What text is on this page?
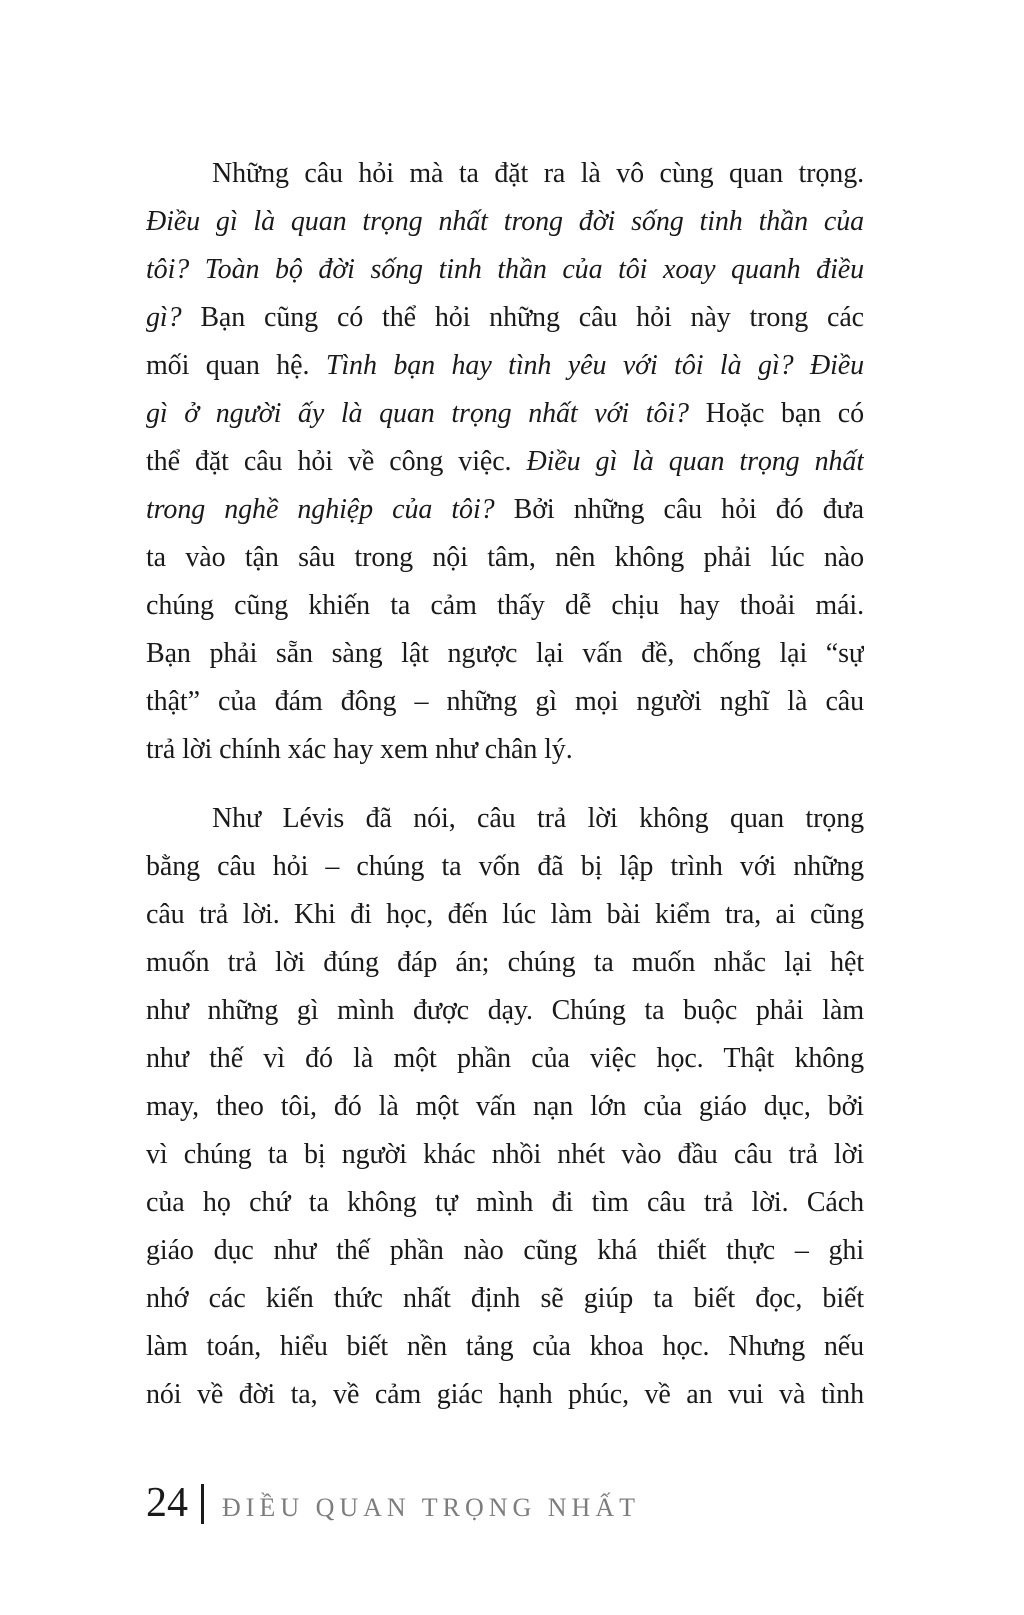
Những câu hỏi mà ta đặt ra là vô cùng quan trọng.
Điều gì là quan trọng nhất trong đời sống tinh thần của
tôi? Toàn bộ đời sống tinh thần của tôi xoay quanh điều
gì? Bạn cũng có thể hỏi những câu hỏi này trong các
mối quan hệ. Tình bạn hay tình yêu với tôi là gì? Điều
gì ở người ấy là quan trọng nhất với tôi? Hoặc bạn có
thể đặt câu hỏi về công việc. Điều gì là quan trọng nhất
trong nghề nghiệp của tôi? Bởi những câu hỏi đó đưa
ta vào tận sâu trong nội tâm, nên không phải lúc nào
chúng cũng khiến ta cảm thấy dễ chịu hay thoải mái.
Bạn phải sẵn sàng lật ngược lại vấn đề, chống lại “sự
thật” của đám đông – những gì mọi người nghĩ là câu
trả lời chính xác hay xem như chân lý.
Như Lévis đã nói, câu trả lời không quan trọng
bằng câu hỏi – chúng ta vốn đã bị lập trình với những
câu trả lời. Khi đi học, đến lúc làm bài kiểm tra, ai cũng
muốn trả lời đúng đáp án; chúng ta muốn nhắc lại hệt
như những gì mình được dạy. Chúng ta buộc phải làm
như thế vì đó là một phần của việc học. Thật không
may, theo tôi, đó là một vấn nạn lớn của giáo dục, bởi
vì chúng ta bị người khác nhồi nhét vào đầu câu trả lời
của họ chứ ta không tự mình đi tìm câu trả lời. Cách
giáo dục như thế phần nào cũng khá thiết thực – ghi
nhớ các kiến thức nhất định sẽ giúp ta biết đọc, biết
làm toán, hiểu biết nền tảng của khoa học. Nhưng nếu
nói về đời ta, về cảm giác hạnh phúc, về an vui và tình
24 ĐIỀU QUAN TRỌNG NHẤT
